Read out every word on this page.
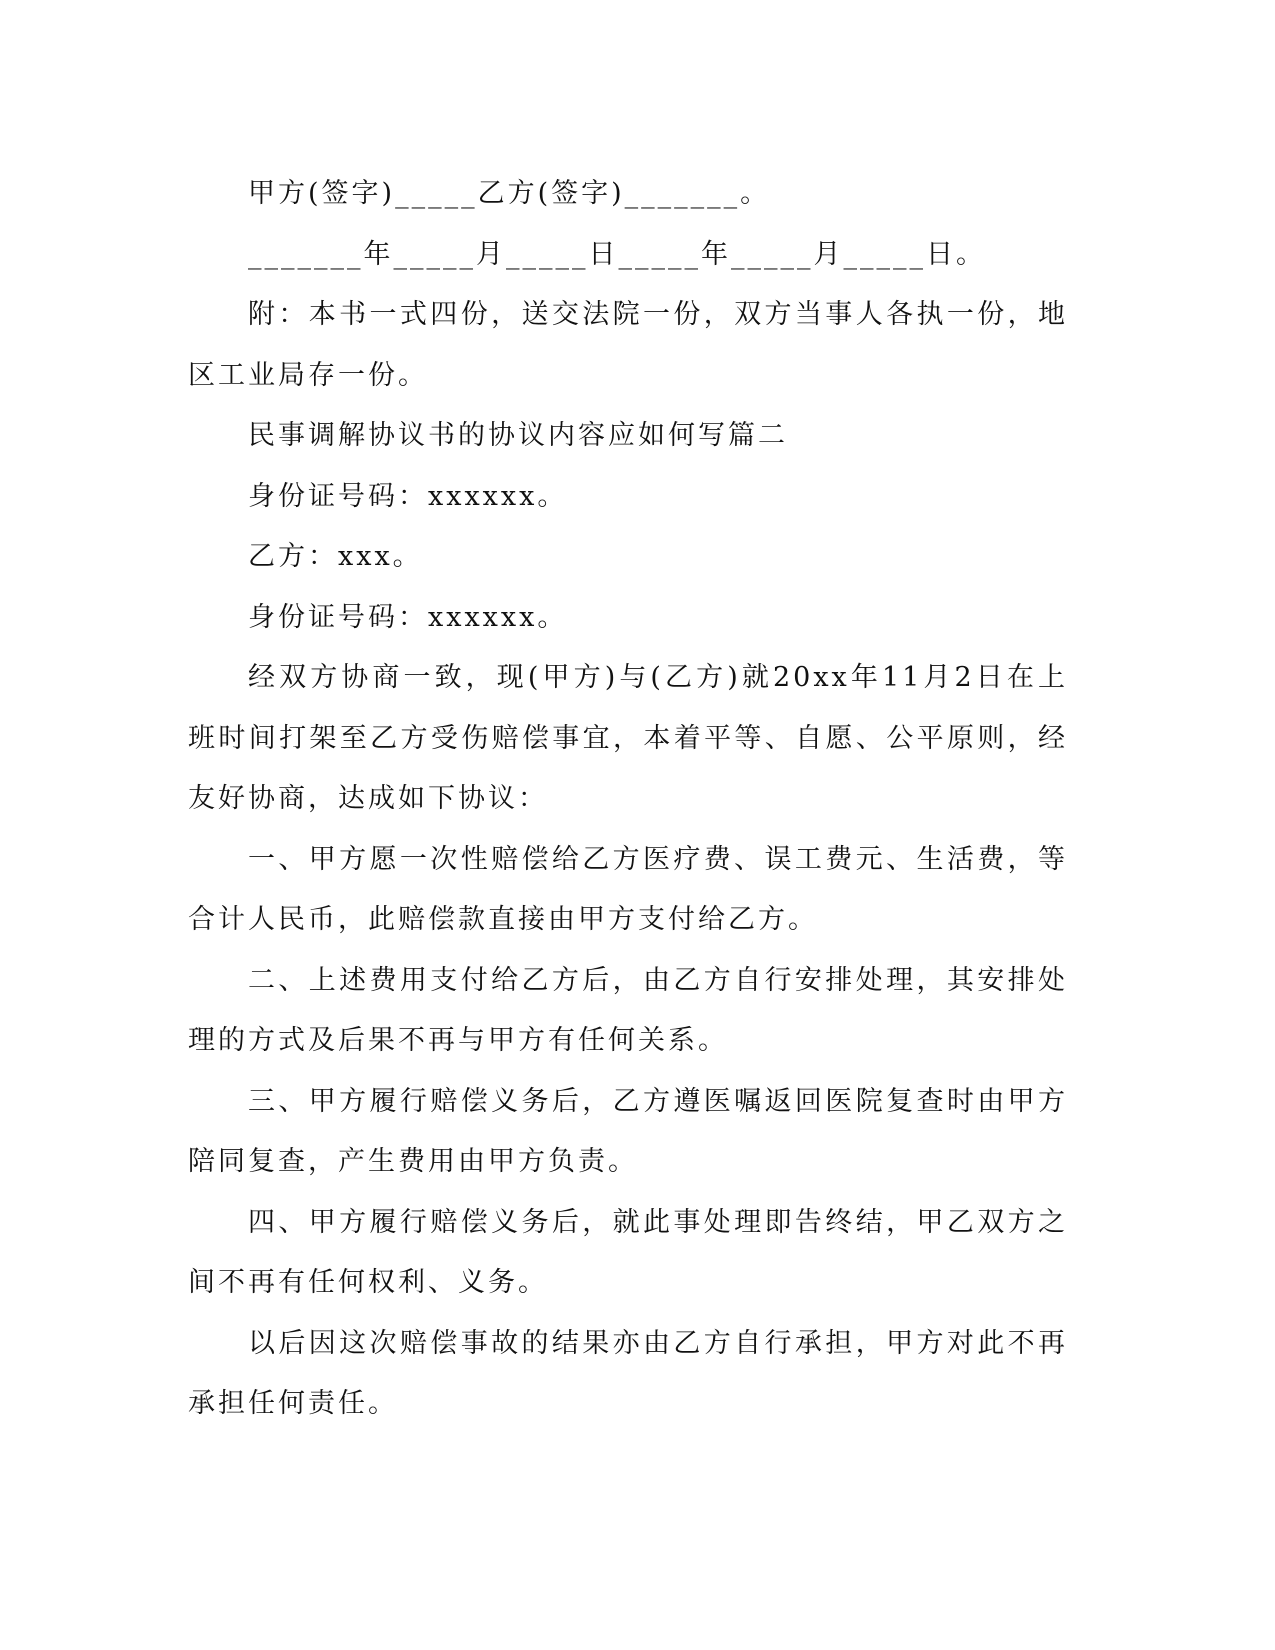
甲方(签字)_____乙方(签字)_______。

_______年_____月_____日_____年_____月_____日。

附：本书一式四份，送交法院一份，双方当事人各执一份，地区工业局存一份。

民事调解协议书的协议内容应如何写篇二

身份证号码：xxxxxx。

乙方：xxx。

身份证号码：xxxxxx。

经双方协商一致，现(甲方)与(乙方)就20xx年11月2日在上班时间打架至乙方受伤赔偿事宜，本着平等、自愿、公平原则，经友好协商，达成如下协议：

一、甲方愿一次性赔偿给乙方医疗费、误工费元、生活费，等合计人民币，此赔偿款直接由甲方支付给乙方。

二、上述费用支付给乙方后，由乙方自行安排处理，其安排处理的方式及后果不再与甲方有任何关系。

三、甲方履行赔偿义务后，乙方遵医嘱返回医院复查时由甲方陪同复查，产生费用由甲方负责。

四、甲方履行赔偿义务后，就此事处理即告终结，甲乙双方之间不再有任何权利、义务。

以后因这次赔偿事故的结果亦由乙方自行承担，甲方对此不再承担任何责任。
